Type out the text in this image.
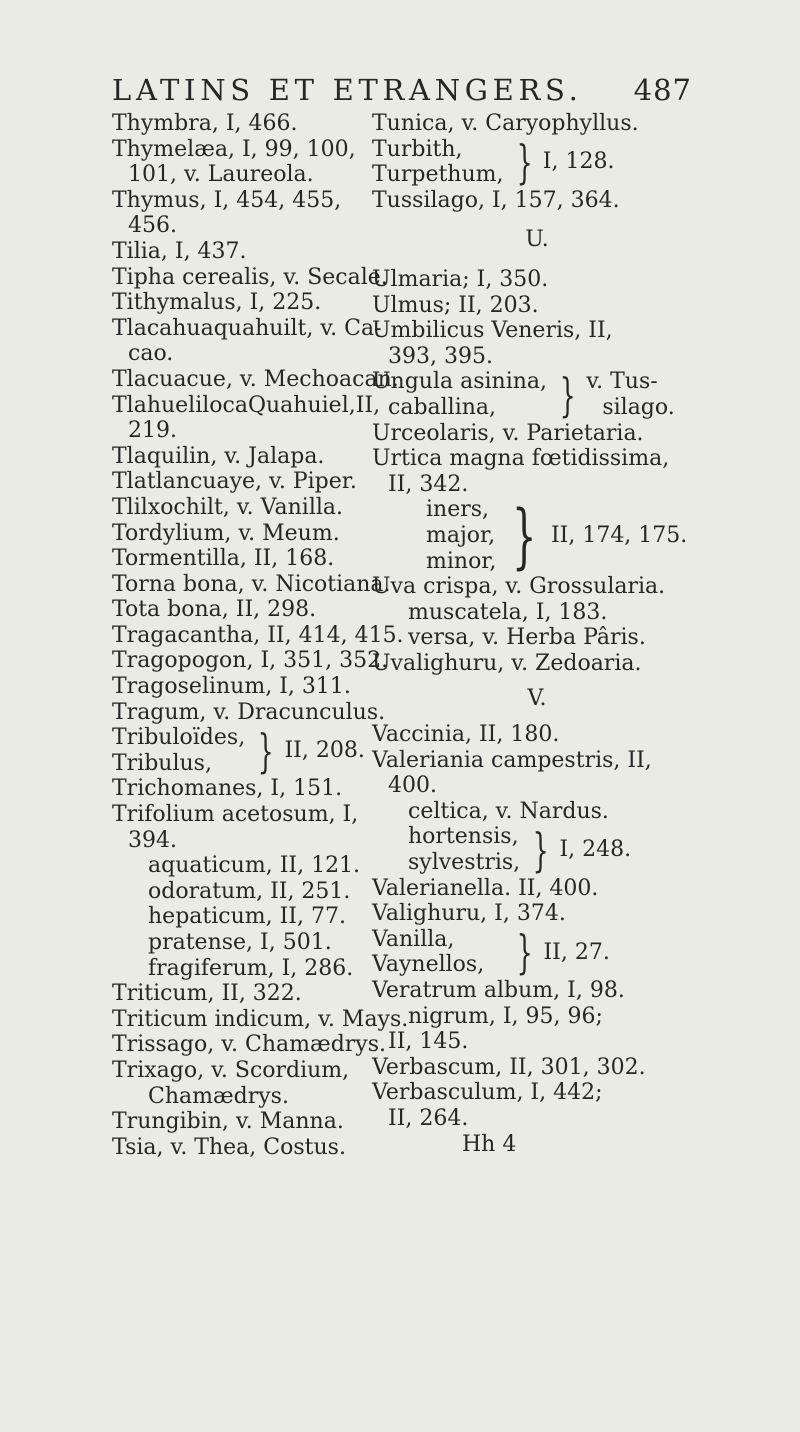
LATINS ET ETRANGERS. 487
Thymbra, I, 466.
Thymelæa, I, 99, 100,
101, v. Laureola.
Thymus, I, 454, 455,
456.
Tilia, I, 437.
Tipha cerealis, v. Secale.
Tithymalus, I, 225.
Tlacahuaquahuilt, v. Ca-
cao.
Tlacuacue, v. Mechoacan.
TlahuelilocaQuahuiel,II,
219.
Tlaquilin, v. Jalapa.
Tlatlancuaye, v. Piper.
Tlilxochilt, v. Vanilla.
Tordylium, v. Meum.
Tormentilla, II, 168.
Torna bona, v. Nicotiana.
Tota bona, II, 298.
Tragacantha, II, 414, 415.
Tragopogon, I, 351, 352.
Tragoselinum, I, 311.
Tragum, v. Dracunculus.
Tribuloïdes,
Tribulus, } II, 208.
Trichomanes, I, 151.
Trifolium acetosum, I,
394.
aquaticum, II, 121.
odoratum, II, 251.
hepaticum, II, 77.
pratense, I, 501.
fragiferum, I, 286.
Triticum, II, 322.
Triticum indicum, v. Mays.
Trissago, v. Chamædrys.
Trixago, v. Scordium,
Chamædrys.
Trungibin, v. Manna.
Tsia, v. Thea, Costus.
Tunica, v. Caryophyllus.
Turbith,
Turpethum, } I, 128.
Tussilago, I, 157, 364.
U.
Ulmaria; I, 350.
Ulmus; II, 203.
Umbilicus Veneris, II,
393, 395.
Ungula asinina,
caballina,	} v. Tus-
silago.
Urceolaris, v. Parietaria.
Urtica magna fœtidissima,
II, 342.
iners,
major,
minor, } II, 174, 175.
Uva crispa, v. Grossularia.
muscatela, I, 183.
versa, v. Herba Pâris.
Uvalighuru, v. Zedoaria.
V.
Vaccinia, II, 180.
Valeriania campestris, II,
400.
celtica, v. Nardus.
hortensis,
sylvestris, } I, 248.
Valerianella. II, 400.
Valighuru, I, 374.
Vanilla,
Vaynellos, } II, 27.
Veratrum album, I, 98.
nigrum, I, 95, 96;
II, 145.
Verbascum, II, 301, 302.
Verbasculum, I, 442;
II, 264.
Hh 4
